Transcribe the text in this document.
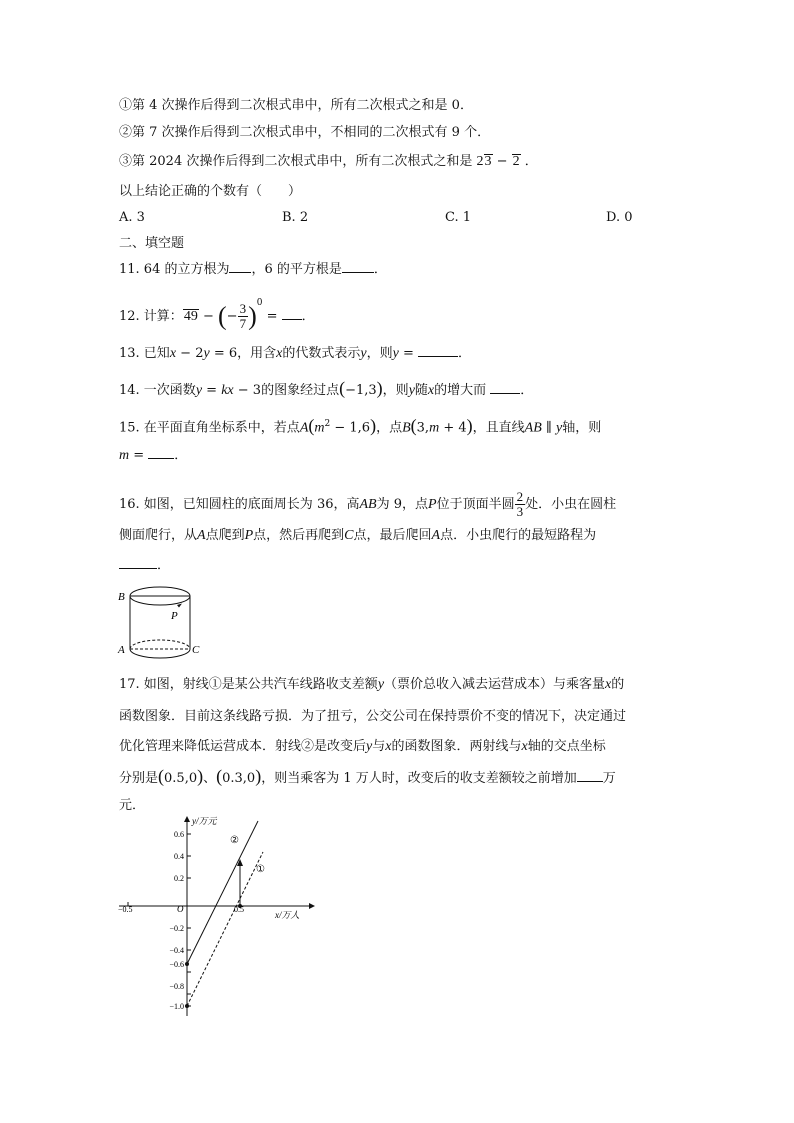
①第 4 次操作后得到二次根式串中，所有二次根式之和是 0．
②第 7 次操作后得到二次根式串中，不相同的二次根式有 9 个．
③第 2024 次操作后得到二次根式串中，所有二次根式之和是 23 − 2 ．
以上结论正确的个数有（　　）
A. 3	B. 2	C. 1	D. 0
二、填空题
11. 64 的立方根为 ，6 的平方根是 ．
12. 计算：49 − (− $\frac{3}{7} )^0$ = ．
13. 已知x − 2y = 6，用含x的代数式表示y，则y =	．
14. 一次函数y = kx − 3的图象经过点(−1,3)，则y随x的增大而	．
15. 在平面直角坐标系中，若点$A(m^2 - 1,6)$，点B(3,m + 4)，且直线AB ∥ y轴，则
m = ．
16. 如图，已知圆柱的底面周长为 36，高AB为 9，点P位于顶面半圆 $\frac{2}{3}$ 处．小虫在圆柱
侧面爬行，从A点爬到P点，然后再爬到C点，最后爬回A点．小虫爬行的最短路程为
．
B
P
A	C
17. 如图，射线①是某公共汽车线路收支差额y（票价总收入减去运营成本）与乘客量x的
函数图象．目前这条线路亏损．为了扭亏，公交公司在保持票价不变的情况下，决定通过
优化管理来降低运营成本．射线②是改变后y与x的函数图象．两射线与x轴的交点坐标
分别是(0.5,0)、(0.3,0)，则当乘客为 1 万人时，改变后的收支差额较之前增加 万
元．
y/万元
x/万人
O
−0.5	0.5
①
②
0.6
0.4
0.2
−0.2
−0.4
−0.6
−0.8
−1.0
